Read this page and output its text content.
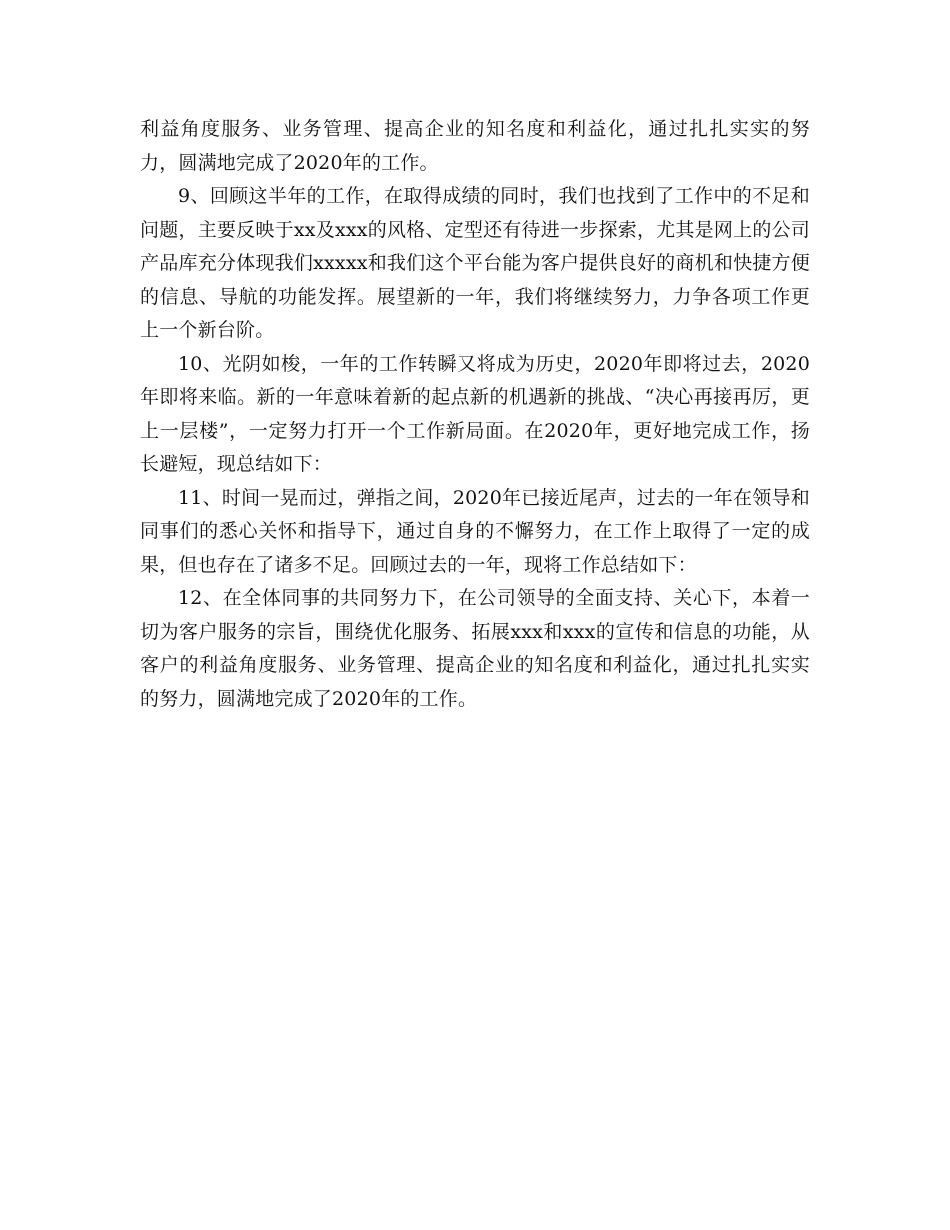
利益角度服务、业务管理、提高企业的知名度和利益化，通过扎扎实实的努力，圆满地完成了2020年的工作。

9、回顾这半年的工作，在取得成绩的同时，我们也找到了工作中的不足和问题，主要反映于xx及xxx的风格、定型还有待进一步探索，尤其是网上的公司产品库充分体现我们xxxxx和我们这个平台能为客户提供良好的商机和快捷方便的信息、导航的功能发挥。展望新的一年，我们将继续努力，力争各项工作更上一个新台阶。

10、光阴如梭，一年的工作转瞬又将成为历史，2020年即将过去，2020年即将来临。新的一年意味着新的起点新的机遇新的挑战、“决心再接再厉，更上一层楼”，一定努力打开一个工作新局面。在2020年，更好地完成工作，扬长避短，现总结如下：

11、时间一晃而过，弹指之间，2020年已接近尾声，过去的一年在领导和同事们的悉心关怀和指导下，通过自身的不懈努力，在工作上取得了一定的成果，但也存在了诸多不足。回顾过去的一年，现将工作总结如下：

12、在全体同事的共同努力下，在公司领导的全面支持、关心下，本着一切为客户服务的宗旨，围绕优化服务、拓展xxx和xxx的宣传和信息的功能，从客户的利益角度服务、业务管理、提高企业的知名度和利益化，通过扎扎实实的努力，圆满地完成了2020年的工作。
